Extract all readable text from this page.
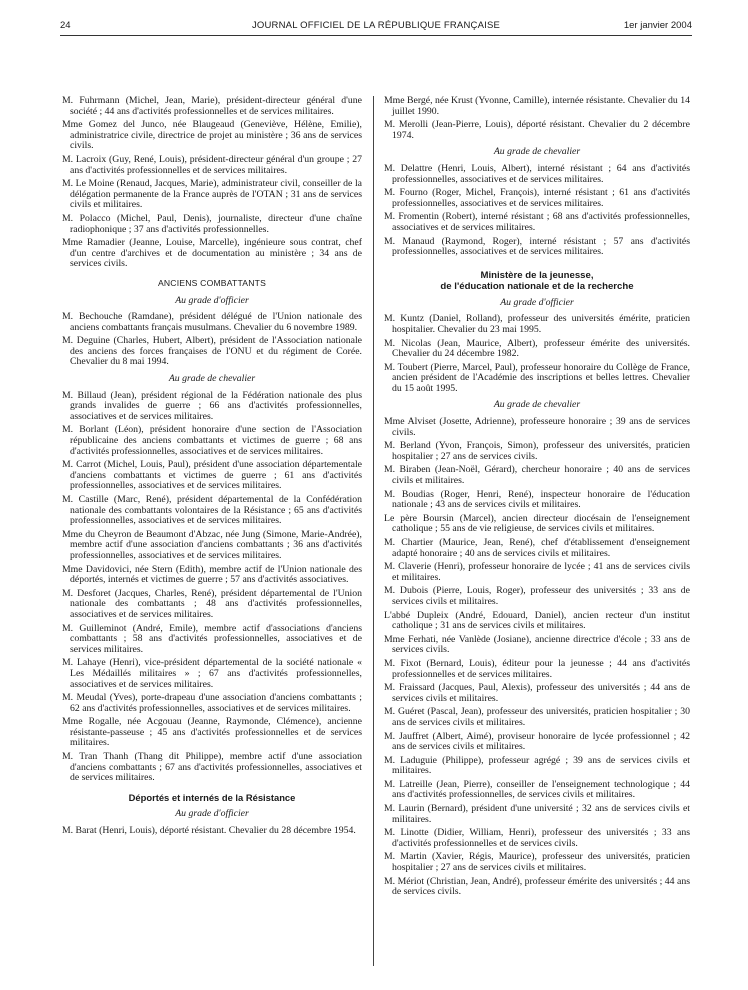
24	JOURNAL OFFICIEL DE LA RÉPUBLIQUE FRANÇAISE	1er janvier 2004

M. Fuhrmann (Michel, Jean, Marie), président-directeur général d'une société ; 44 ans d'activités professionnelles et de services militaires.

Mme Gomez del Junco, née Blaugeaud (Geneviève, Hélène, Emilie), administratrice civile, directrice de projet au ministère ; 36 ans de services civils.

M. Lacroix (Guy, René, Louis), président-directeur général d'un groupe ; 27 ans d'activités professionnelles et de services militaires.

M. Le Moine (Renaud, Jacques, Marie), administrateur civil, conseiller de la délégation permanente de la France auprès de l'OTAN ; 31 ans de services civils et militaires.

M. Polacco (Michel, Paul, Denis), journaliste, directeur d'une chaîne radiophonique ; 37 ans d'activités professionnelles.

Mme Ramadier (Jeanne, Louise, Marcelle), ingénieure sous contrat, chef d'un centre d'archives et de documentation au ministère ; 34 ans de services civils.

ANCIENS COMBATTANTS
Au grade d'officier

M. Bechouche (Ramdane), président délégué de l'Union nationale des anciens combattants français musulmans. Chevalier du 6 novembre 1989.

M. Deguine (Charles, Hubert, Albert), président de l'Association nationale des anciens des forces françaises de l'ONU et du régiment de Corée. Chevalier du 8 mai 1994.

Au grade de chevalier

M. Billaud (Jean), président régional de la Fédération nationale des plus grands invalides de guerre ; 66 ans d'activités professionnelles, associatives et de services militaires.

M. Borlant (Léon), président honoraire d'une section de l'Association républicaine des anciens combattants et victimes de guerre ; 68 ans d'activités professionnelles, associatives et de services militaires.

M. Carrot (Michel, Louis, Paul), président d'une association départementale d'anciens combattants et victimes de guerre ; 61 ans d'activités professionnelles, associatives et de services militaires.

M. Castille (Marc, René), président départemental de la Confédération nationale des combattants volontaires de la Résistance ; 65 ans d'activités professionnelles, associatives et de services militaires.

Mme du Cheyron de Beaumont d'Abzac, née Jung (Simone, Marie-Andrée), membre actif d'une association d'anciens combattants ; 36 ans d'activités professionnelles, associatives et de services militaires.

Mme Davidovici, née Stern (Edith), membre actif de l'Union nationale des déportés, internés et victimes de guerre ; 57 ans d'activités associatives.

M. Desforet (Jacques, Charles, René), président départemental de l'Union nationale des combattants ; 48 ans d'activités professionnelles, associatives et de services militaires.

M. Guilleminot (André, Emile), membre actif d'associations d'anciens combattants ; 58 ans d'activités professionnelles, associatives et de services militaires.

M. Lahaye (Henri), vice-président départemental de la société nationale « Les Médaillés militaires » ; 67 ans d'activités professionnelles, associatives et de services militaires.

M. Meudal (Yves), porte-drapeau d'une association d'anciens combattants ; 62 ans d'activités professionnelles, associatives et de services militaires.

Mme Rogalle, née Acgouau (Jeanne, Raymonde, Clémence), ancienne résistante-passeuse ; 45 ans d'activités professionnelles et de services militaires.

M. Tran Thanh (Thang dit Philippe), membre actif d'une association d'anciens combattants ; 67 ans d'activités professionnelles, associatives et de services militaires.

Déportés et internés de la Résistance
Au grade d'officier

M. Barat (Henri, Louis), déporté résistant. Chevalier du 28 décembre 1954.

Mme Bergé, née Krust (Yvonne, Camille), internée résistante. Chevalier du 14 juillet 1990.

M. Merolli (Jean-Pierre, Louis), déporté résistant. Chevalier du 2 décembre 1974.

Au grade de chevalier

M. Delattre (Henri, Louis, Albert), interné résistant ; 64 ans d'activités professionnelles, associatives et de services militaires.

M. Fourno (Roger, Michel, François), interné résistant ; 61 ans d'activités professionnelles, associatives et de services militaires.

M. Fromentin (Robert), interné résistant ; 68 ans d'activités professionnelles, associatives et de services militaires.

M. Manaud (Raymond, Roger), interné résistant ; 57 ans d'activités professionnelles, associatives et de services militaires.

Ministère de la jeunesse,
de l'éducation nationale et de la recherche
Au grade d'officier

M. Kuntz (Daniel, Rolland), professeur des universités émérite, praticien hospitalier. Chevalier du 23 mai 1995.

M. Nicolas (Jean, Maurice, Albert), professeur émérite des universités. Chevalier du 24 décembre 1982.

M. Toubert (Pierre, Marcel, Paul), professeur honoraire du Collège de France, ancien président de l'Académie des inscriptions et belles lettres. Chevalier du 15 août 1995.

Au grade de chevalier

Mme Alviset (Josette, Adrienne), professeure honoraire ; 39 ans de services civils.

M. Berland (Yvon, François, Simon), professeur des universités, praticien hospitalier ; 27 ans de services civils.

M. Biraben (Jean-Noël, Gérard), chercheur honoraire ; 40 ans de services civils et militaires.

M. Boudias (Roger, Henri, René), inspecteur honoraire de l'éducation nationale ; 43 ans de services civils et militaires.

Le père Boursin (Marcel), ancien directeur diocésain de l'enseignement catholique ; 55 ans de vie religieuse, de services civils et militaires.

M. Chartier (Maurice, Jean, René), chef d'établissement d'enseignement adapté honoraire ; 40 ans de services civils et militaires.

M. Claverie (Henri), professeur honoraire de lycée ; 41 ans de services civils et militaires.

M. Dubois (Pierre, Louis, Roger), professeur des universités ; 33 ans de services civils et militaires.

L'abbé Dupleix (André, Edouard, Daniel), ancien recteur d'un institut catholique ; 31 ans de services civils et militaires.

Mme Ferhati, née Vanlède (Josiane), ancienne directrice d'école ; 33 ans de services civils.

M. Fixot (Bernard, Louis), éditeur pour la jeunesse ; 44 ans d'activités professionnelles et de services militaires.

M. Fraissard (Jacques, Paul, Alexis), professeur des universités ; 44 ans de services civils et militaires.

M. Guéret (Pascal, Jean), professeur des universités, praticien hospitalier ; 30 ans de services civils et militaires.

M. Jauffret (Albert, Aimé), proviseur honoraire de lycée professionnel ; 42 ans de services civils et militaires.

M. Laduguie (Philippe), professeur agrégé ; 39 ans de services civils et militaires.

M. Latreille (Jean, Pierre), conseiller de l'enseignement technologique ; 44 ans d'activités professionnelles, de services civils et militaires.

M. Laurin (Bernard), président d'une université ; 32 ans de services civils et militaires.

M. Linotte (Didier, William, Henri), professeur des universités ; 33 ans d'activités professionnelles et de services civils.

M. Martin (Xavier, Régis, Maurice), professeur des universités, praticien hospitalier ; 27 ans de services civils et militaires.

M. Mériot (Christian, Jean, André), professeur émérite des universités ; 44 ans de services civils.
